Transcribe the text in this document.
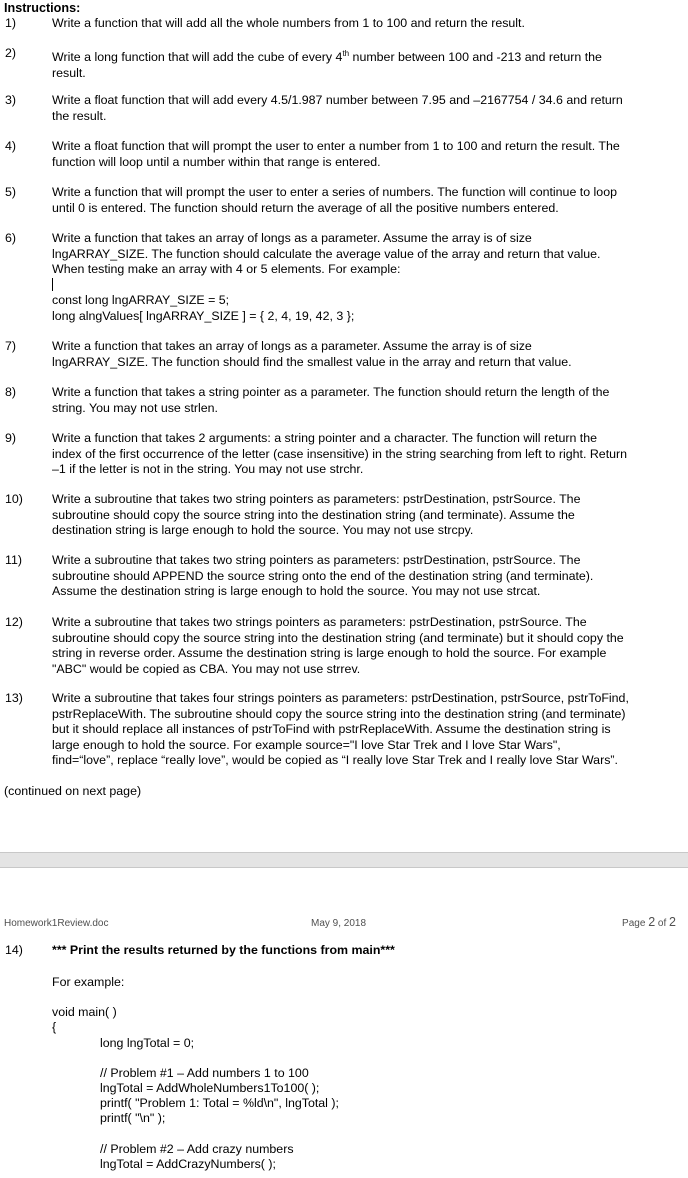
Instructions:
1)	Write a function that will add all the whole numbers from 1 to 100 and return the result.

2)	Write a long function that will add the cube of every 4th number between 100 and -213 and return the

result.

3)	Write a float function that will add every 4.5/1.987 number between 7.95 and –2167754 / 34.6 and return

the result.

4)	Write a float function that will prompt the user to enter a number from 1 to 100 and return the result. The

function will loop until a number within that range is entered.

5)	Write a function that will prompt the user to enter a series of numbers. The function will continue to loop

until 0 is entered. The function should return the average of all the positive numbers entered.

6)	Write a function that takes an array of longs as a parameter. Assume the array is of size

lngARRAY_SIZE. The function should calculate the average value of the array and return that value.

When testing make an array with 4 or 5 elements. For example:

const long lngARRAY_SIZE = 5;

long alngValues[ lngARRAY_SIZE ] = { 2, 4, 19, 42, 3 };

7)	Write a function that takes an array of longs as a parameter. Assume the array is of size

lngARRAY_SIZE. The function should find the smallest value in the array and return that value.

8)	Write a function that takes a string pointer as a parameter. The function should return the length of the

string. You may not use strlen.

9)	Write a function that takes 2 arguments: a string pointer and a character. The function will return the

index of the first occurrence of the letter (case insensitive) in the string searching from left to right. Return

–1 if the letter is not in the string. You may not use strchr.

10) Write a subroutine that takes two string pointers as parameters: pstrDestination, pstrSource. The

subroutine should copy the source string into the destination string (and terminate). Assume the

destination string is large enough to hold the source. You may not use strcpy.

11) Write a subroutine that takes two string pointers as parameters: pstrDestination, pstrSource. The

subroutine should APPEND the source string onto the end of the destination string (and terminate).

Assume the destination string is large enough to hold the source. You may not use strcat.

12) Write a subroutine that takes two strings pointers as parameters: pstrDestination, pstrSource. The

subroutine should copy the source string into the destination string (and terminate) but it should copy the

string in reverse order. Assume the destination string is large enough to hold the source. For example

"ABC" would be copied as CBA. You may not use strrev.

13) Write a subroutine that takes four strings pointers as parameters: pstrDestination, pstrSource, pstrToFind,

pstrReplaceWith. The subroutine should copy the source string into the destination string (and terminate)

but it should replace all instances of pstrToFind with pstrReplaceWith. Assume the destination string is

large enough to hold the source. For example source="I love Star Trek and I love Star Wars",

find=“love”, replace “really love”, would be copied as “I really love Star Trek and I really love Star Wars”.

(continued on next page)
Homework1Review.doc	May 9, 2018	Page 2 of 2
14) *** Print the results returned by the functions from main***
For example:
void main( )
{
long lngTotal = 0;
// Problem #1 – Add numbers 1 to 100
lngTotal = AddWholeNumbers1To100( );
printf( "Problem 1: Total = %ld\n", lngTotal );
printf( "\n" );
// Problem #2 – Add crazy numbers
lngTotal = AddCrazyNumbers( );
